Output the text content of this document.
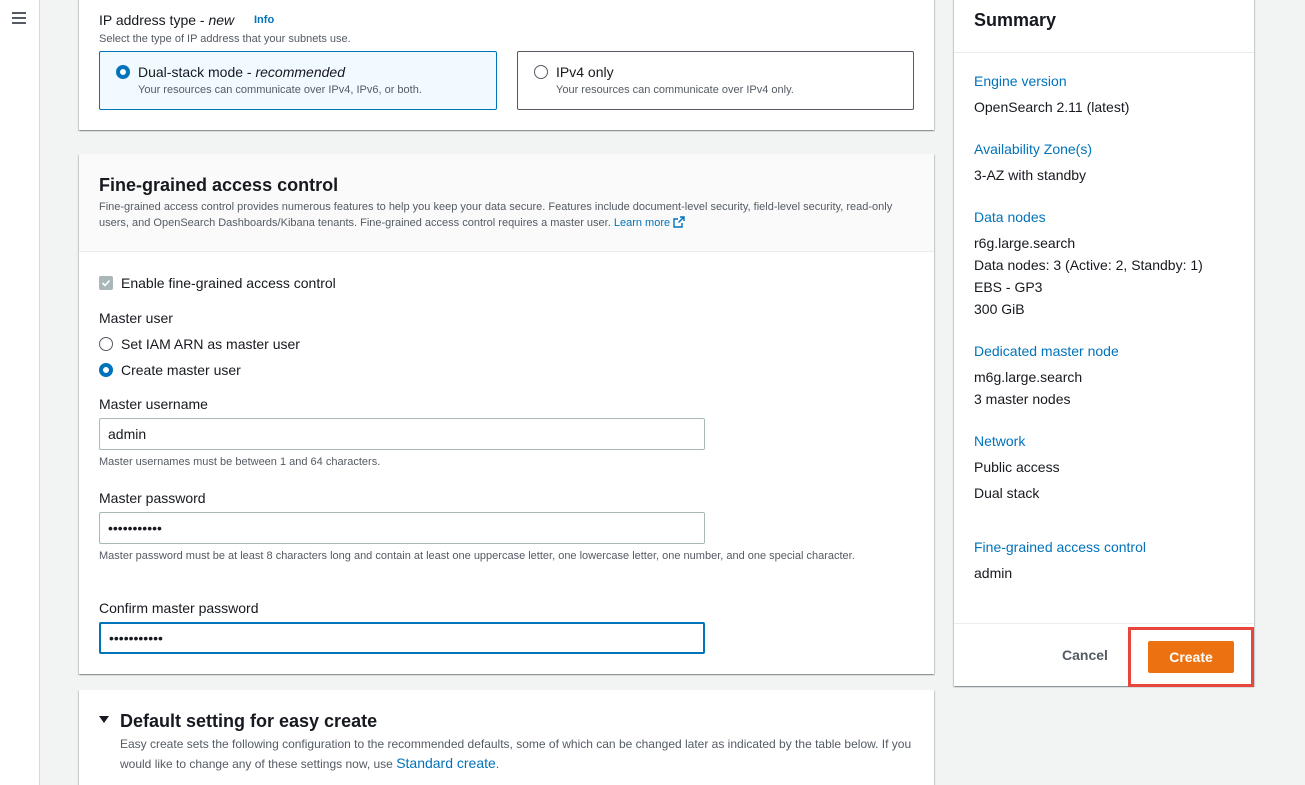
IP address type - new Info
Select the type of IP address that your subnets use.
Dual-stack mode - recommended
Your resources can communicate over IPv4, IPv6, or both.
IPv4 only
Your resources can communicate over IPv4 only.
Fine-grained access control
Fine-grained access control provides numerous features to help you keep your data secure. Features include document-level security, field-level security, read-only users, and OpenSearch Dashboards/Kibana tenants. Fine-grained access control requires a master user. Learn more
Enable fine-grained access control
Master user
Set IAM ARN as master user
Create master user
Master username
admin
Master usernames must be between 1 and 64 characters.
Master password
•••••••••••
Master password must be at least 8 characters long and contain at least one uppercase letter, one lowercase letter, one number, and one special character.
Confirm master password
•••••••••••
Default setting for easy create
Easy create sets the following configuration to the recommended defaults, some of which can be changed later as indicated by the table below. If you would like to change any of these settings now, use Standard create.
Summary
Engine version
OpenSearch 2.11 (latest)
Availability Zone(s)
3-AZ with standby
Data nodes
r6g.large.search
Data nodes: 3 (Active: 2, Standby: 1)
EBS - GP3
300 GiB
Dedicated master node
m6g.large.search
3 master nodes
Network
Public access
Dual stack
Fine-grained access control
admin
Cancel	Create
